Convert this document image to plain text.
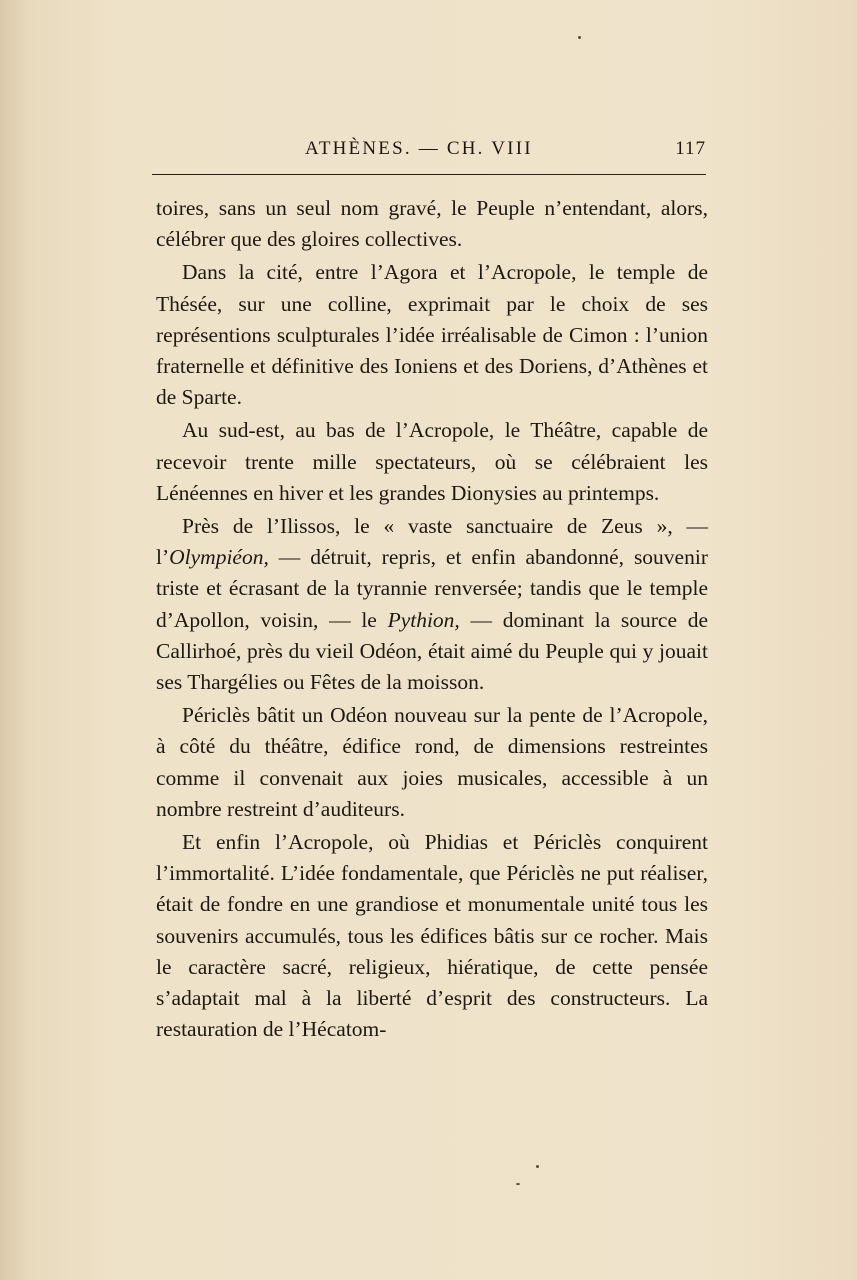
ATHÈNES. — CH. VIII	117

toires, sans un seul nom gravé, le Peuple n’entendant, alors, célébrer que des gloires collectives.

Dans la cité, entre l’Agora et l’Acropole, le temple de Thésée, sur une colline, exprimait par le choix de ses représentions sculpturales l’idée irréalisable de Cimon : l’union fraternelle et définitive des Ioniens et des Doriens, d’Athènes et de Sparte.

Au sud-est, au bas de l’Acropole, le Théâtre, capable de recevoir trente mille spectateurs, où se célébraient les Lénéennes en hiver et les grandes Dionysies au printemps.

Près de l’Ilissos, le « vaste sanctuaire de Zeus », — l’Olympiéon, — détruit, repris, et enfin abandonné, souvenir triste et écrasant de la tyrannie renversée; tandis que le temple d’Apollon, voisin, — le Pythion, — dominant la source de Callirhoé, près du vieil Odéon, était aimé du Peuple qui y jouait ses Thargélies ou Fêtes de la moisson.

Périclès bâtit un Odéon nouveau sur la pente de l’Acropole, à côté du théâtre, édifice rond, de dimensions restreintes comme il convenait aux joies musicales, accessible à un nombre restreint d’auditeurs.

Et enfin l’Acropole, où Phidias et Périclès conquirent l’immortalité. L’idée fondamentale, que Périclès ne put réaliser, était de fondre en une grandiose et monumentale unité tous les souvenirs accumulés, tous les édifices bâtis sur ce rocher. Mais le caractère sacré, religieux, hiératique, de cette pensée s’adaptait mal à la liberté d’esprit des constructeurs. La restauration de l’Hécatom-
